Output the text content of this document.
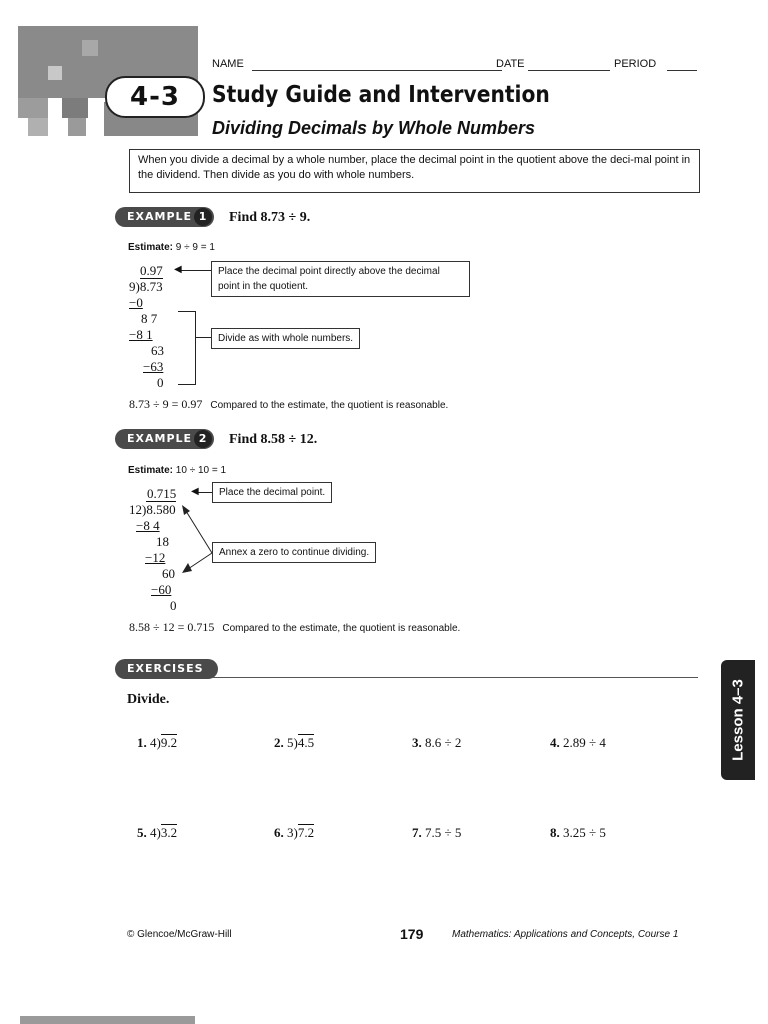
4-3
NAME	DATE	PERIOD
Study Guide and Intervention
Dividing Decimals by Whole Numbers
When you divide a decimal by a whole number, place the decimal point in the quotient above the deci-mal point in the dividend. Then divide as you do with whole numbers.
EXAMPLE 1	Find 8.73 ÷ 9.
Estimate: 9 ÷ 9 = 1
0.97
9)8.73
−0
8 7
−8 1
63
−63
0
◀	Place the decimal point directly above the decimal point in the quotient.
Divide as with whole numbers.
8.73 ÷ 9 = 0.97 Compared to the estimate, the quotient is reasonable.
EXAMPLE 2	Find 8.58 ÷ 12.
Estimate: 10 ÷ 10 = 1
0.715
12)8.580
−8 4
18
−12
60
−60
0
◀	Place the decimal point.
Annex a zero to continue dividing.
8.58 ÷ 12 = 0.715 Compared to the estimate, the quotient is reasonable.
EXERCISES
Divide.
1. 4)9.2	2. 5)4.5	3. 8.6 ÷ 2	4. 2.89 ÷ 4
5. 4)3.2	6. 3)7.2	7. 7.5 ÷ 5	8. 3.25 ÷ 5
Lesson 4–3
© Glencoe/McGraw-Hill	179	Mathematics: Applications and Concepts, Course 1
